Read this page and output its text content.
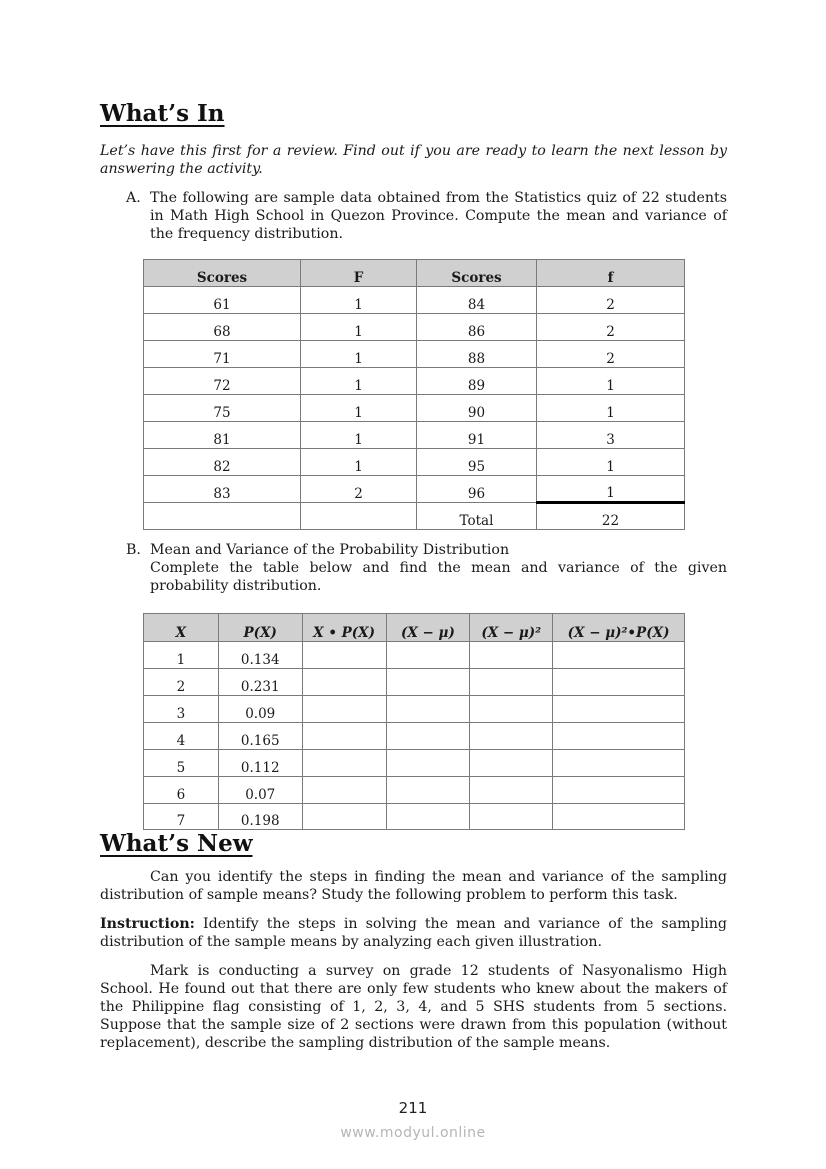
What’s In

Let’s have this first for a review. Find out if you are ready to learn the next lesson by answering the activity.

A. The following are sample data obtained from the Statistics quiz of 22 students in Math High School in Quezon Province. Compute the mean and variance of the frequency distribution.

Scores	F	Scores	f
61	1	84	2
68	1	86	2
71	1	88	2
72	1	89	1
75	1	90	1
81	1	91	3
82	1	95	1
83	2	96	1
		Total	22
B. Mean and Variance of the Probability Distribution

Complete the table below and find the mean and variance of the given probability distribution.

X	P(X)	X • P(X)	(X − μ)	(X − μ)²	(X − μ)²•P(X)
1	0.134				
2	0.231				
3	0.09				
4	0.165				
5	0.112				
6	0.07				
7	0.198				
What’s New

Can you identify the steps in finding the mean and variance of the sampling distribution of sample means? Study the following problem to perform this task.

Instruction: Identify the steps in solving the mean and variance of the sampling distribution of the sample means by analyzing each given illustration.

Mark is conducting a survey on grade 12 students of Nasyonalismo High School. He found out that there are only few students who knew about the makers of the Philippine flag consisting of 1, 2, 3, 4, and 5 SHS students from 5 sections. Suppose that the sample size of 2 sections were drawn from this population (without replacement), describe the sampling distribution of the sample means.

211
www.modyul.online
